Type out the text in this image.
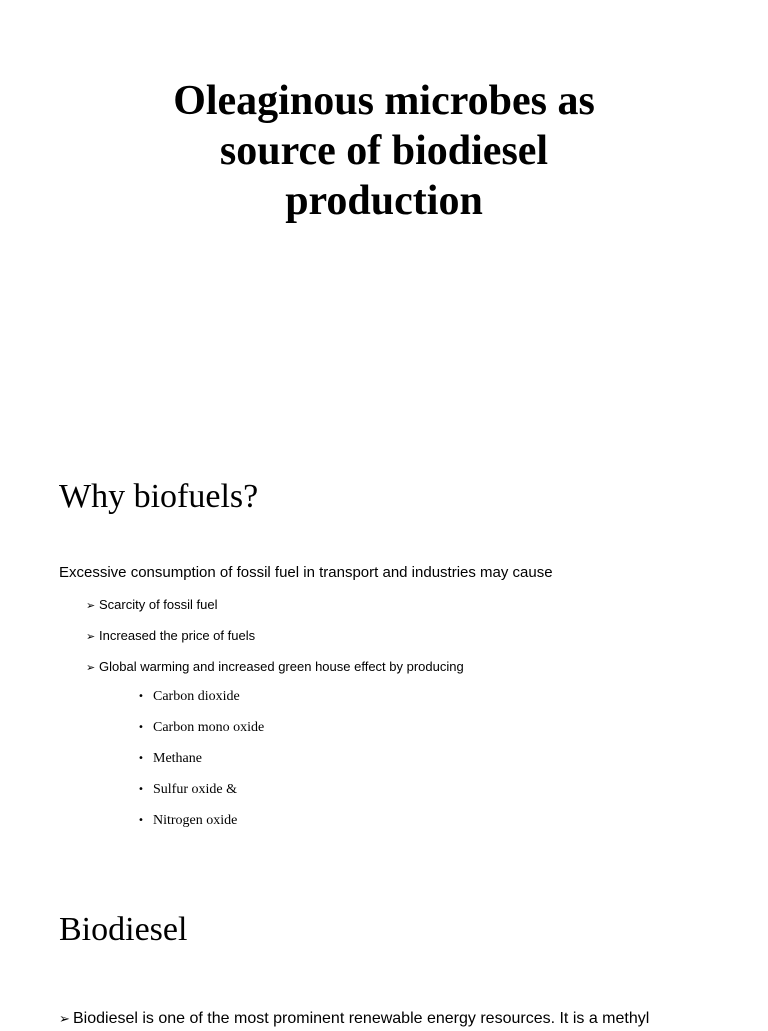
Oleaginous microbes as
source of biodiesel
production
Why biofuels?

Excessive consumption of fossil fuel in transport and industries may cause

➢ Scarcity of fossil fuel
➢ Increased the price of fuels
➢ Global warming and increased green house effect by producing
• Carbon dioxide
• Carbon mono oxide
• Methane
• Sulfur oxide &
• Nitrogen oxide
Biodiesel

➢ Biodiesel is one of the most prominent renewable energy resources. It is a methyl
